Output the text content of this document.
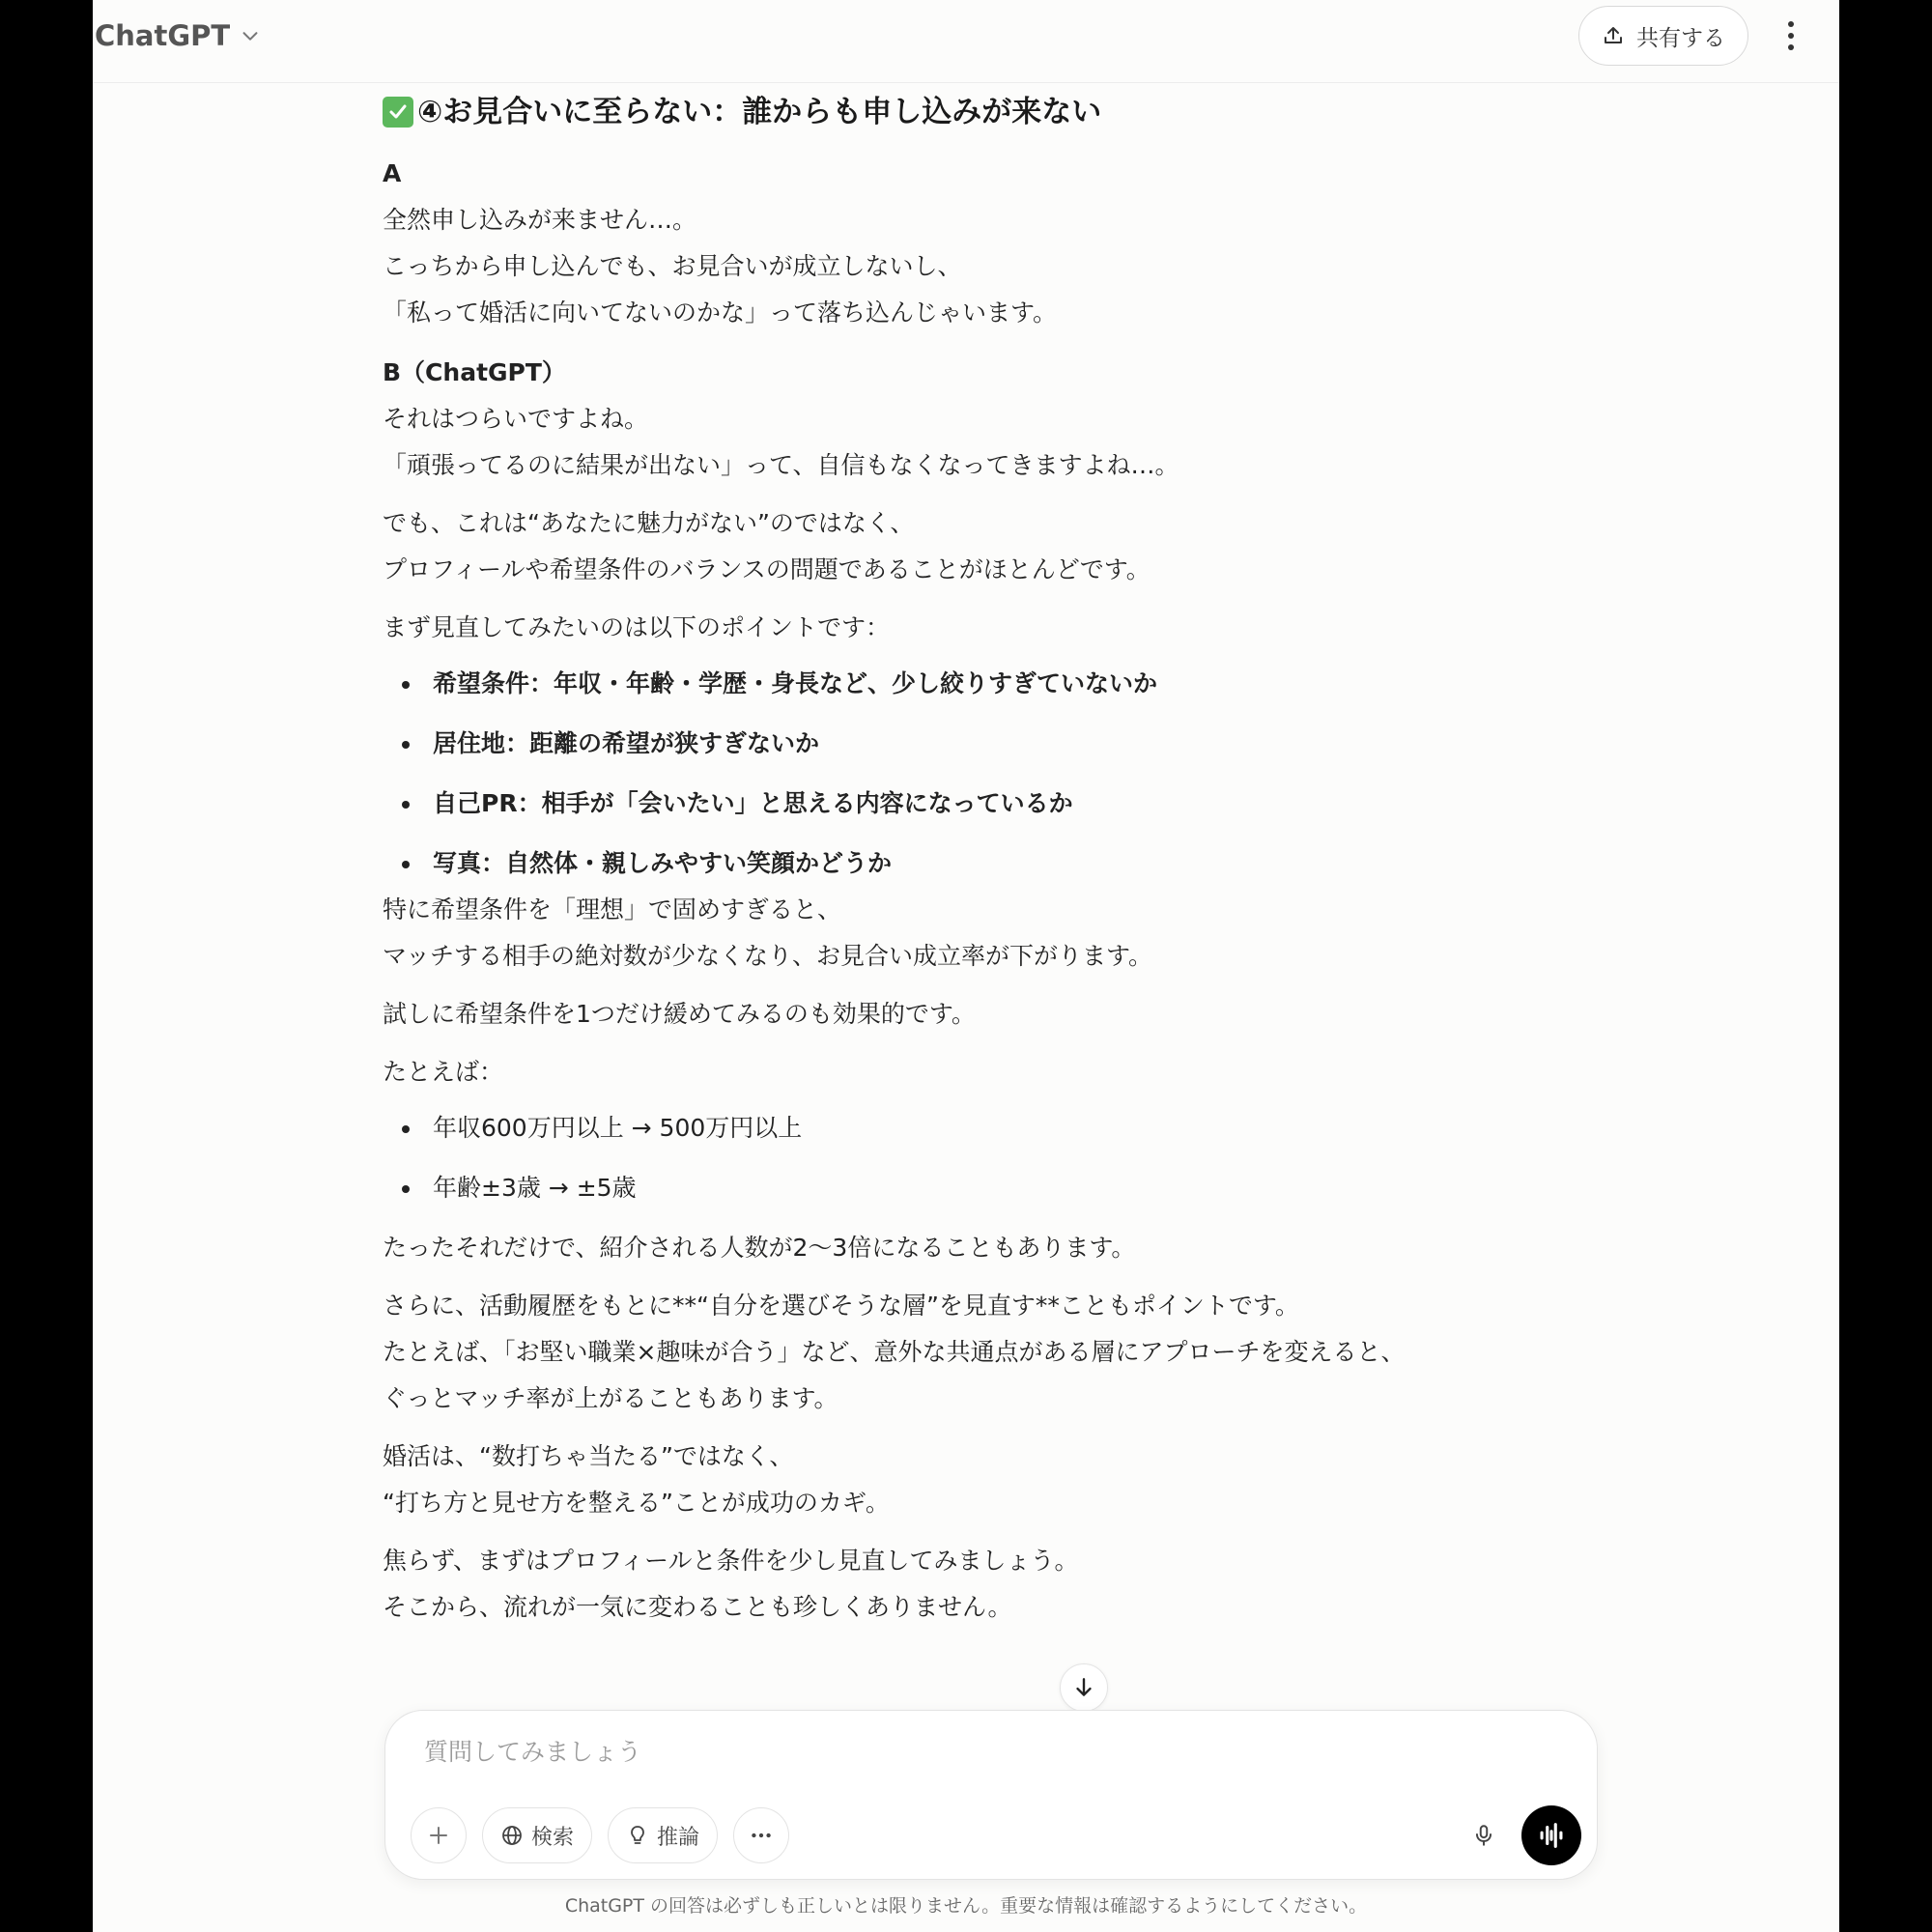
ChatGPT	共有する
④お見合いに至らない：誰からも申し込みが来ない
A
全然申し込みが来ません…。
こっちから申し込んでも、お見合いが成立しないし、
「私って婚活に向いてないのかな」って落ち込んじゃいます。
B（ChatGPT）
それはつらいですよね。
「頑張ってるのに結果が出ない」って、自信もなくなってきますよね…。
でも、これは“あなたに魅力がない”のではなく、
プロフィールや希望条件のバランスの問題であることがほとんどです。
まず見直してみたいのは以下のポイントです：
希望条件：年収・年齢・学歴・身長など、少し絞りすぎていないか
居住地：距離の希望が狭すぎないか
自己PR：相手が「会いたい」と思える内容になっているか
写真：自然体・親しみやすい笑顔かどうか
特に希望条件を「理想」で固めすぎると、
マッチする相手の絶対数が少なくなり、お見合い成立率が下がります。
試しに希望条件を1つだけ緩めてみるのも効果的です。
たとえば：
年収600万円以上 → 500万円以上
年齢±3歳 → ±5歳
たったそれだけで、紹介される人数が2〜3倍になることもあります。
さらに、活動履歴をもとに**“自分を選びそうな層”を見直す**こともポイントです。
たとえば、「お堅い職業×趣味が合う」など、意外な共通点がある層にアプローチを変えると、
ぐっとマッチ率が上がることもあります。
婚活は、“数打ちゃ当たる”ではなく、
“打ち方と見せ方を整える”ことが成功のカギ。
焦らず、まずはプロフィールと条件を少し見直してみましょう。
そこから、流れが一気に変わることも珍しくありません。
質問してみましょう
検索	推論
ChatGPT の回答は必ずしも正しいとは限りません。重要な情報は確認するようにしてください。
